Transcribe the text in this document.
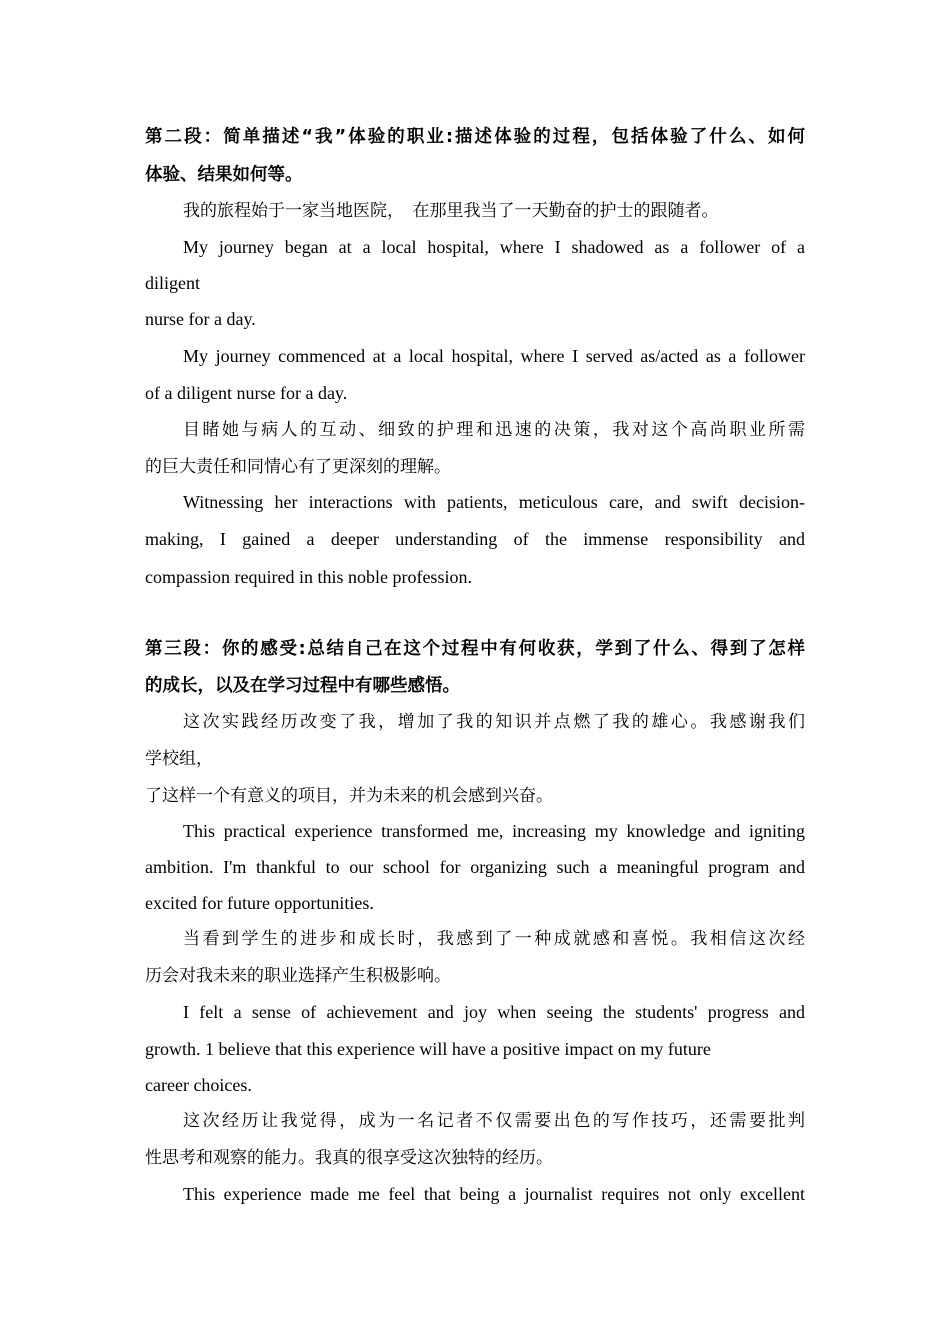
第二段：简单描述“我”体验的职业:描述体验的过程，包括体验了什么、如何
体验、结果如何等。
我的旅程始于一家当地医院，　在那里我当了一天勤奋的护士的跟随者。
My journey began at a local hospital, where I shadowed as a follower of a
diligent
nurse for a day.
My journey commenced at a local hospital, where I served as/acted as a follower
of a diligent nurse for a day.
目睹她与病人的互动、细致的护理和迅速的决策，我对这个高尚职业所需
的巨大责任和同情心有了更深刻的理解。
Witnessing her interactions with patients, meticulous care, and swift decision-
making, I gained a deeper understanding of the immense responsibility and
compassion required in this noble profession.
第三段：你的感受:总结自己在这个过程中有何收获，学到了什么、得到了怎样
的成长，以及在学习过程中有哪些感悟。
这次实践经历改变了我，增加了我的知识并点燃了我的雄心。我感谢我们
学校组，
了这样一个有意义的项目，并为未来的机会感到兴奋。
This practical experience transformed me, increasing my knowledge and igniting
ambition. I'm thankful to our school for organizing such a meaningful program and
excited for future opportunities.
当看到学生的进步和成长时，我感到了一种成就感和喜悦。我相信这次经
历会对我未来的职业选择产生积极影响。
I felt a sense of achievement and joy when seeing the students' progress and
growth. 1 believe that this experience will have a positive impact on my future
career choices.
这次经历让我觉得，成为一名记者不仅需要出色的写作技巧，还需要批判
性思考和观察的能力。我真的很享受这次独特的经历。
This experience made me feel that being a journalist requires not only excellent
